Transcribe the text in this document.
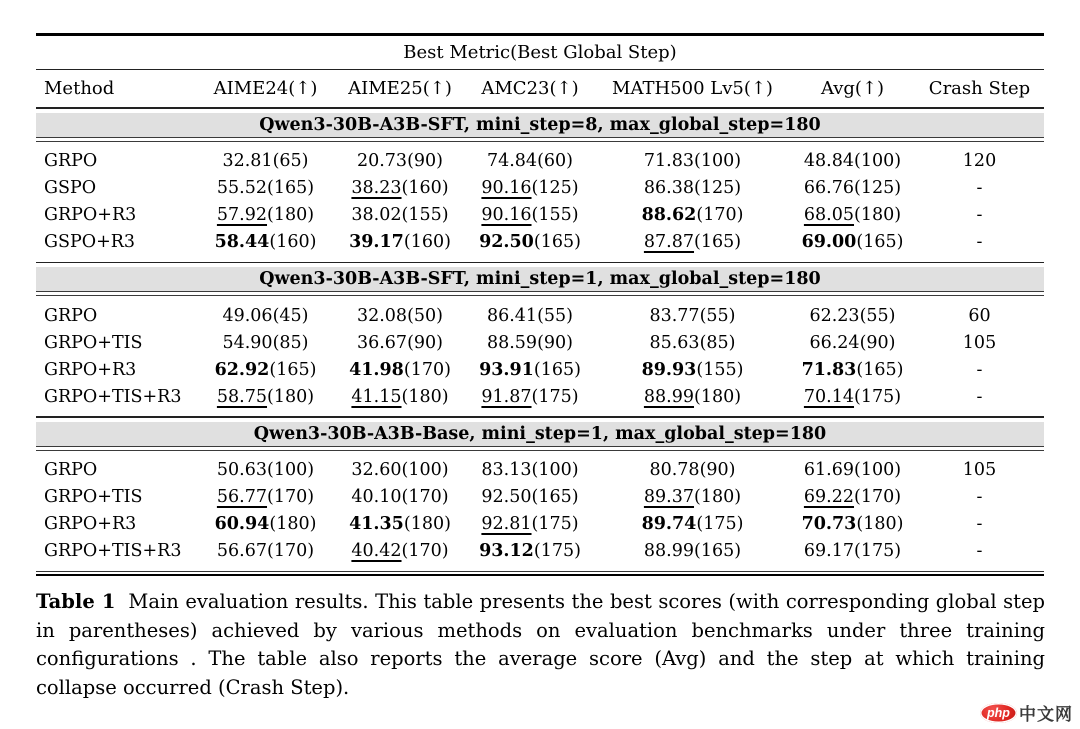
Best Metric(Best Global Step)
Method	AIME24(↑)	AIME25(↑)	AMC23(↑)	MATH500 Lv5(↑)	Avg(↑)	Crash Step
Qwen3-30B-A3B-SFT, mini_step=8, max_global_step=180
GRPO	32.81(65)	20.73(90)	74.84(60)	71.83(100)	48.84(100)	120
GSPO	55.52(165)	38.23(160)	90.16(125)	86.38(125)	66.76(125)	-
GRPO+R3	57.92(180)	38.02(155)	90.16(155)	88.62(170)	68.05(180)	-
GSPO+R3	58.44(160)	39.17(160)	92.50(165)	87.87(165)	69.00(165)	-
Qwen3-30B-A3B-SFT, mini_step=1, max_global_step=180
GRPO	49.06(45)	32.08(50)	86.41(55)	83.77(55)	62.23(55)	60
GRPO+TIS	54.90(85)	36.67(90)	88.59(90)	85.63(85)	66.24(90)	105
GRPO+R3	62.92(165)	41.98(170)	93.91(165)	89.93(155)	71.83(165)	-
GRPO+TIS+R3	58.75(180)	41.15(180)	91.87(175)	88.99(180)	70.14(175)	-
Qwen3-30B-A3B-Base, mini_step=1, max_global_step=180
GRPO	50.63(100)	32.60(100)	83.13(100)	80.78(90)	61.69(100)	105
GRPO+TIS	56.77(170)	40.10(170)	92.50(165)	89.37(180)	69.22(170)	-
GRPO+R3	60.94(180)	41.35(180)	92.81(175)	89.74(175)	70.73(180)	-
GRPO+TIS+R3	56.67(170)	40.42(170)	93.12(175)	88.99(165)	69.17(175)	-

Table 1 Main evaluation results. This table presents the best scores (with corresponding global step in parentheses) achieved by various methods on evaluation benchmarks under three training configurations . The table also reports the average score (Avg) and the step at which training collapse occurred (Crash Step).

php 中文网
